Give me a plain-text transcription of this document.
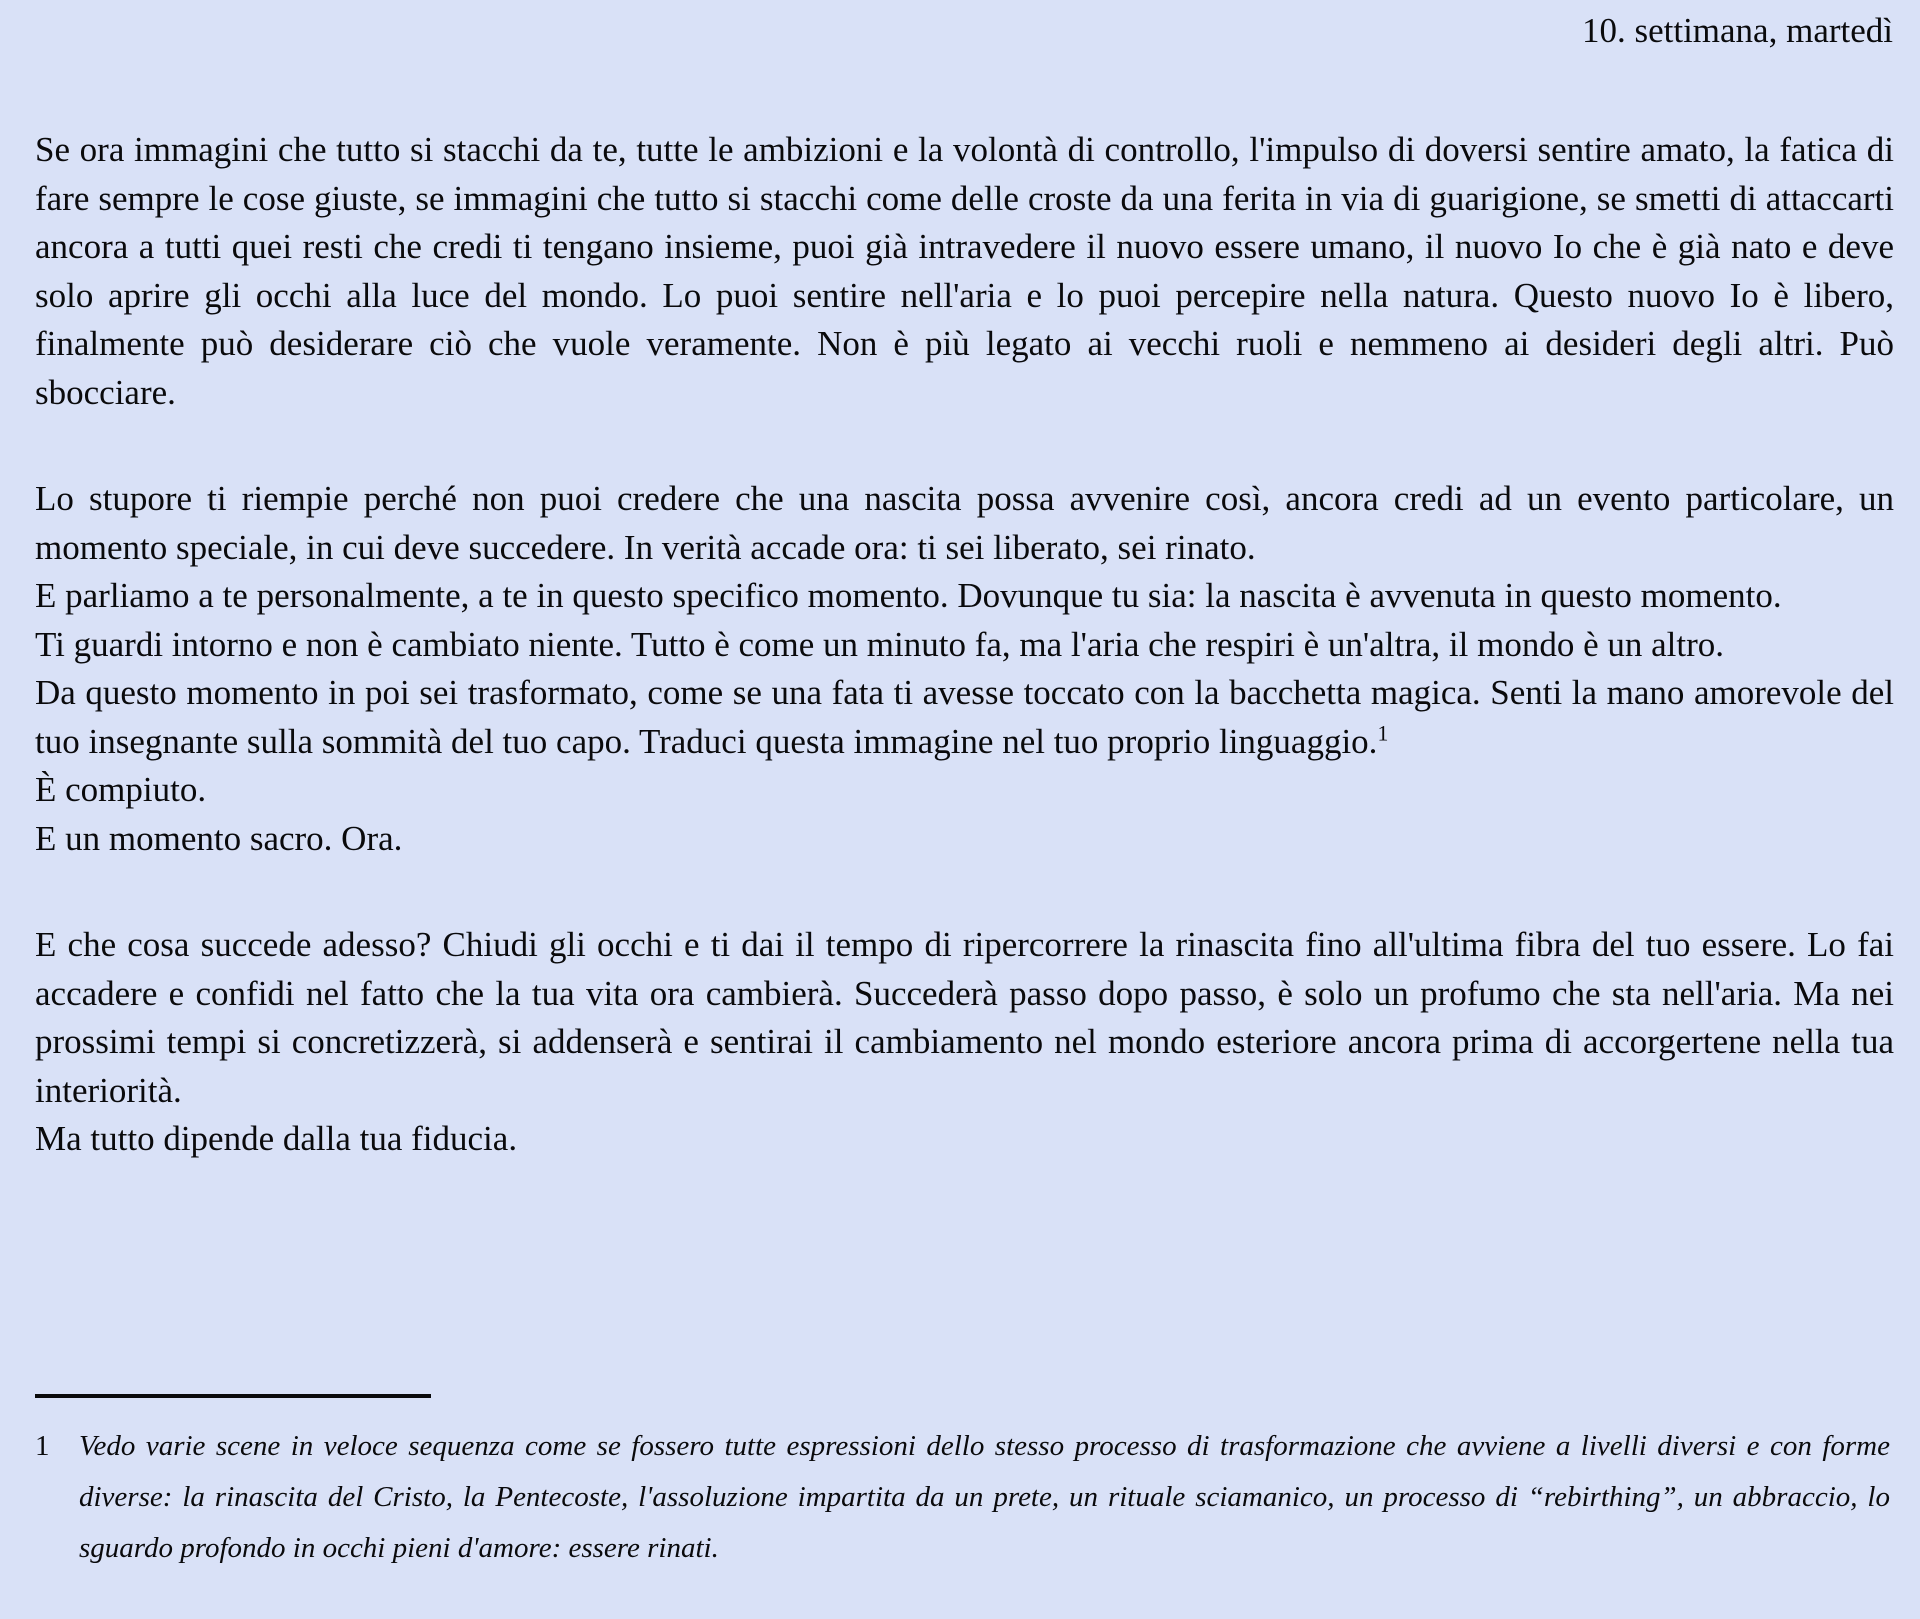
10. settimana, martedì

Se ora immagini che tutto si stacchi da te, tutte le ambizioni e la volontà di controllo, l'impulso di doversi sentire amato, la fatica di fare sempre le cose giuste, se immagini che tutto si stacchi come delle croste da una ferita in via di guarigione, se smetti di attaccarti ancora a tutti quei resti che credi ti tengano insieme, puoi già intravedere il nuovo essere umano, il nuovo Io che è già nato e deve solo aprire gli occhi alla luce del mondo. Lo puoi sentire nell'aria e lo puoi percepire nella natura. Questo nuovo Io è libero, finalmente può desiderare ciò che vuole veramente. Non è più legato ai vecchi ruoli e nemmeno ai desideri degli altri. Può sbocciare.

Lo stupore ti riempie perché non puoi credere che una nascita possa avvenire così, ancora credi ad un evento particolare, un momento speciale, in cui deve succedere. In verità accade ora: ti sei liberato, sei rinato.

E parliamo a te personalmente, a te in questo specifico momento. Dovunque tu sia: la nascita è avvenuta in questo momento.

Ti guardi intorno e non è cambiato niente. Tutto è come un minuto fa, ma l'aria che respiri è un'altra, il mondo è un altro.

Da questo momento in poi sei trasformato, come se una fata ti avesse toccato con la bacchetta magica. Senti la mano amorevole del tuo insegnante sulla sommità del tuo capo. Traduci questa immagine nel tuo proprio linguaggio.$^1$

È compiuto.

E un momento sacro. Ora.

E che cosa succede adesso? Chiudi gli occhi e ti dai il tempo di ripercorrere la rinascita fino all'ultima fibra del tuo essere. Lo fai accadere e confidi nel fatto che la tua vita ora cambierà. Succederà passo dopo passo, è solo un profumo che sta nell'aria. Ma nei prossimi tempi si concretizzerà, si addenserà e sentirai il cambiamento nel mondo esteriore ancora prima di accorgertene nella tua interiorità.

Ma tutto dipende dalla tua fiducia.

1	Vedo varie scene in veloce sequenza come se fossero tutte espressioni dello stesso processo di trasformazione che avviene a livelli diversi e con forme diverse: la rinascita del Cristo, la Pentecoste, l'assoluzione impartita da un prete, un rituale sciamanico, un processo di “rebirthing”, un abbraccio, lo sguardo profondo in occhi pieni d'amore: essere rinati.
